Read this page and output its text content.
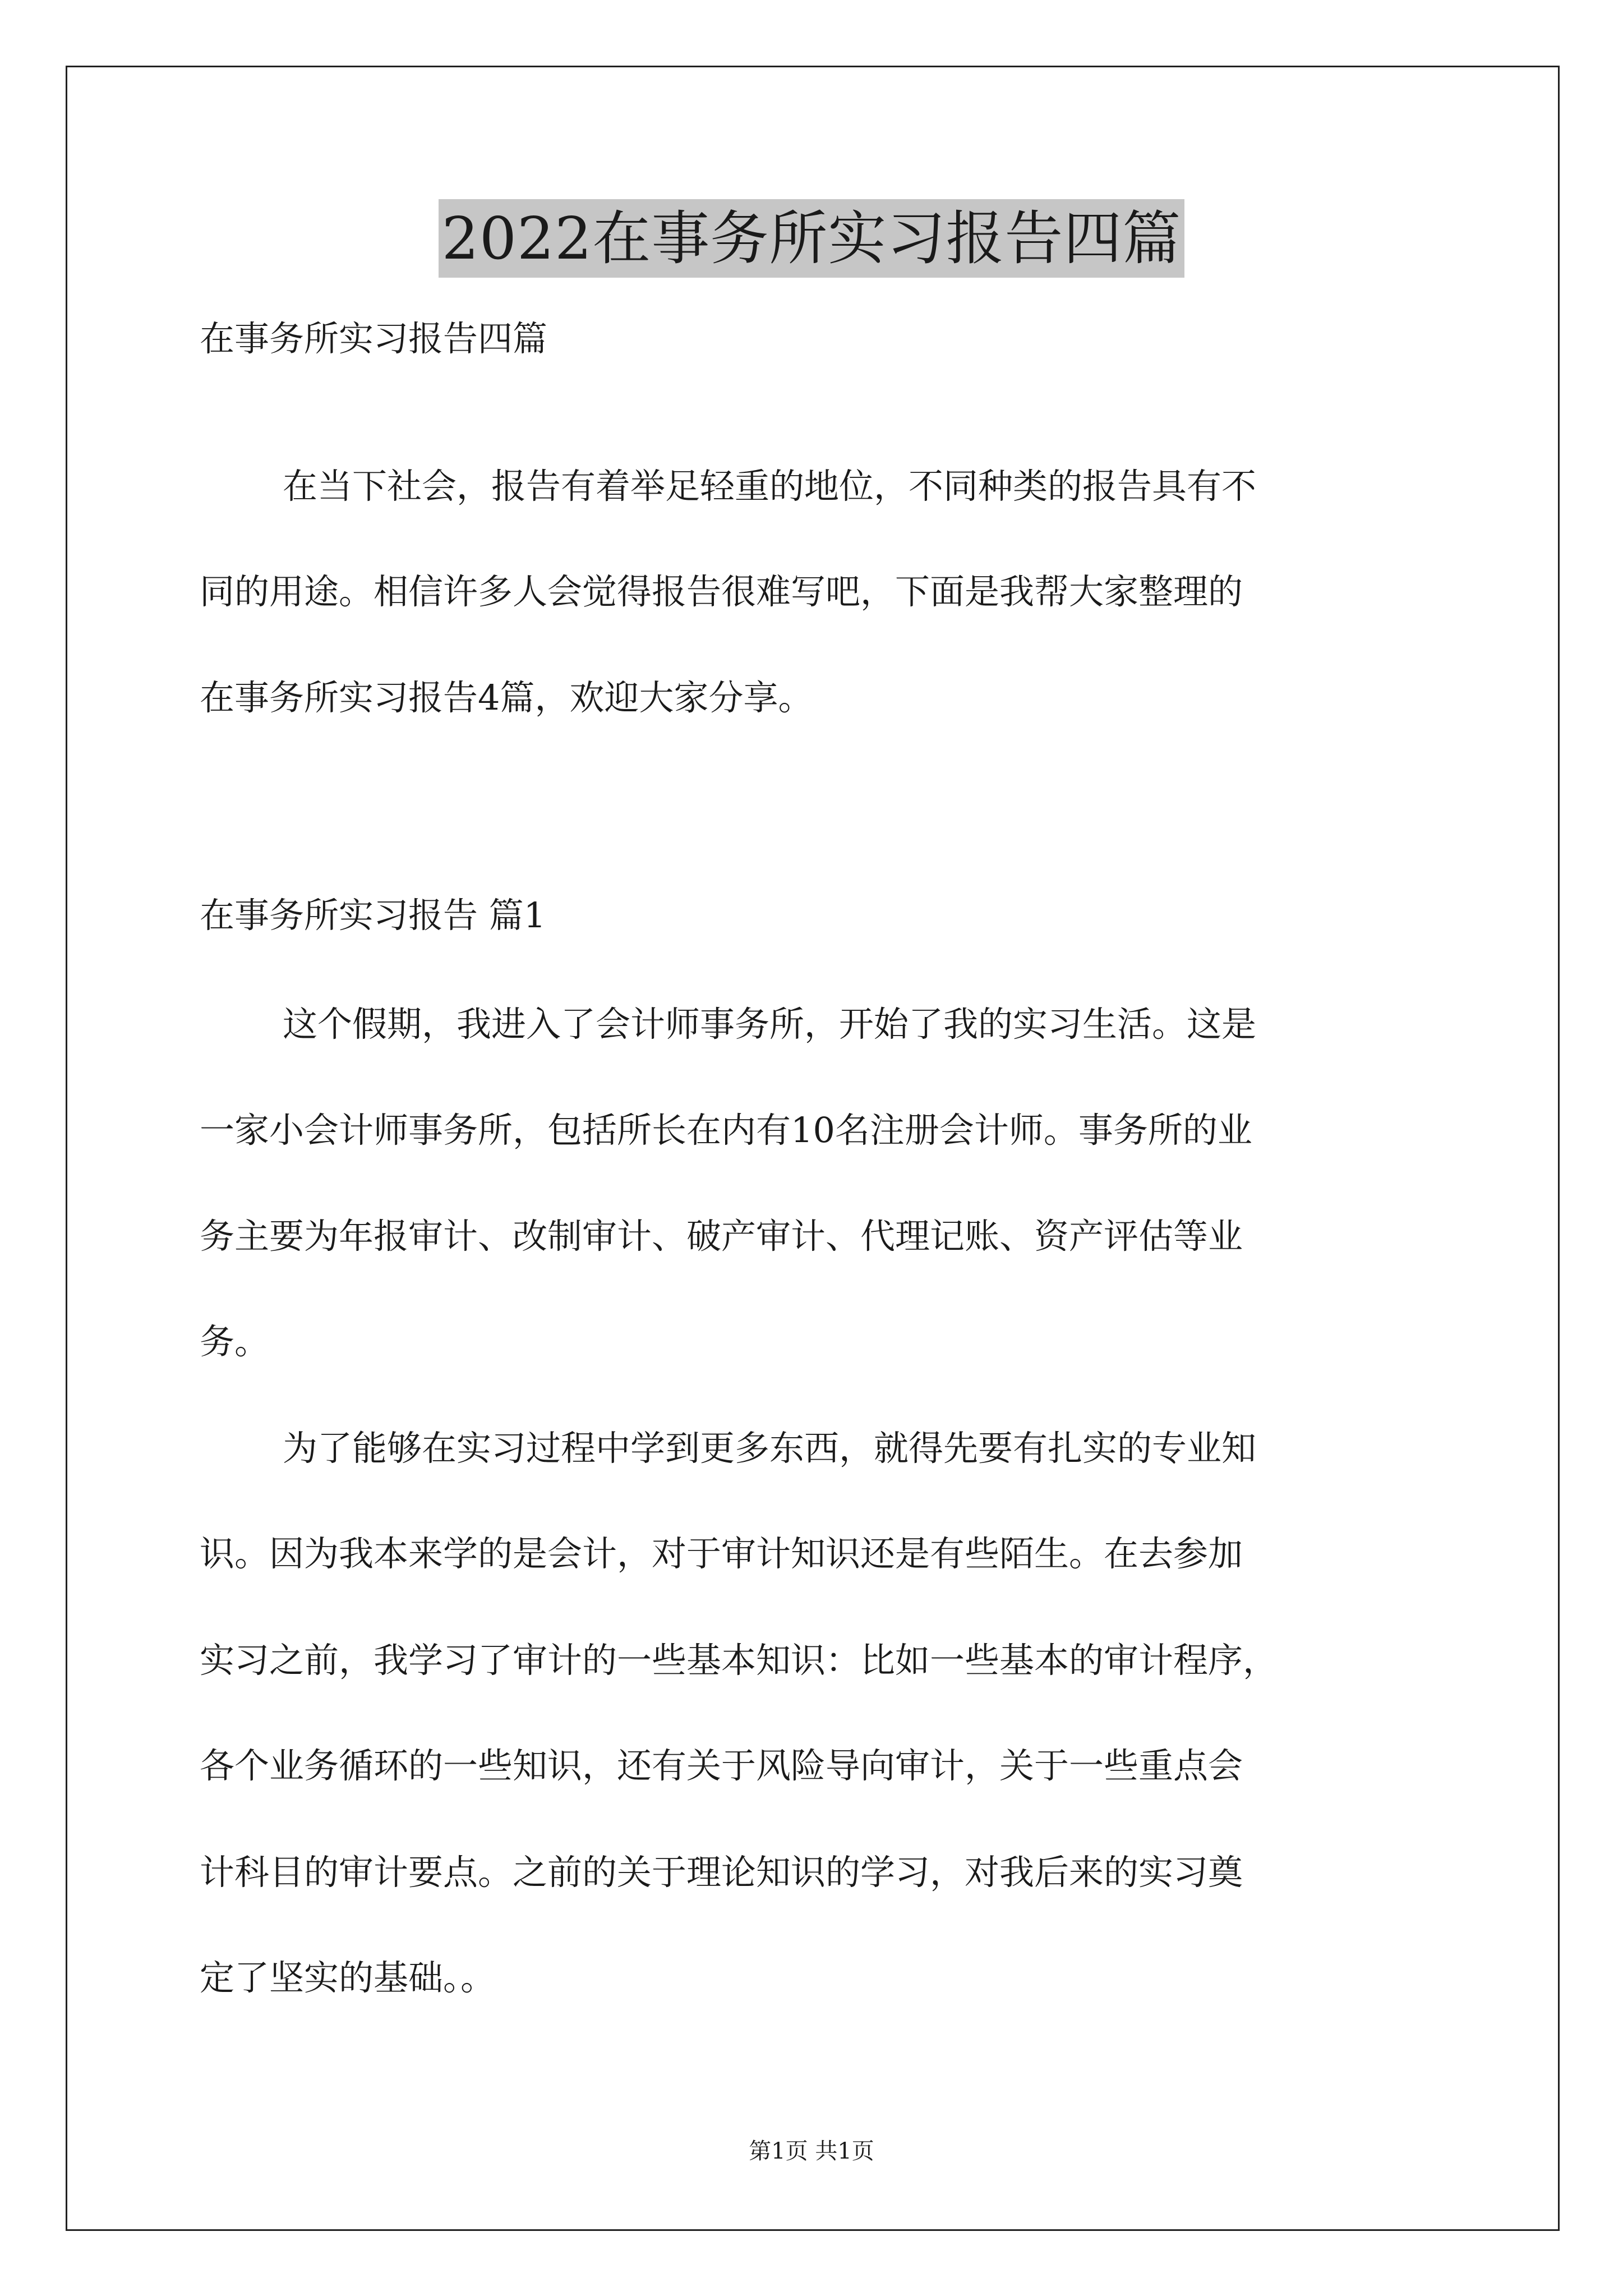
2022在事务所实习报告四篇
在事务所实习报告四篇
在当下社会，报告有着举足轻重的地位，不同种类的报告具有不
同的用途。相信许多人会觉得报告很难写吧，下面是我帮大家整理的
在事务所实习报告4篇，欢迎大家分享。
在事务所实习报告 篇1
这个假期，我进入了会计师事务所，开始了我的实习生活。这是
一家小会计师事务所，包括所长在内有10名注册会计师。事务所的业
务主要为年报审计、改制审计、破产审计、代理记账、资产评估等业
务。
为了能够在实习过程中学到更多东西，就得先要有扎实的专业知
识。因为我本来学的是会计，对于审计知识还是有些陌生。在去参加
实习之前，我学习了审计的一些基本知识：比如一些基本的审计程序，
各个业务循环的一些知识，还有关于风险导向审计，关于一些重点会
计科目的审计要点。之前的关于理论知识的学习，对我后来的实习奠
定了坚实的基础。。
第1页 共1页
